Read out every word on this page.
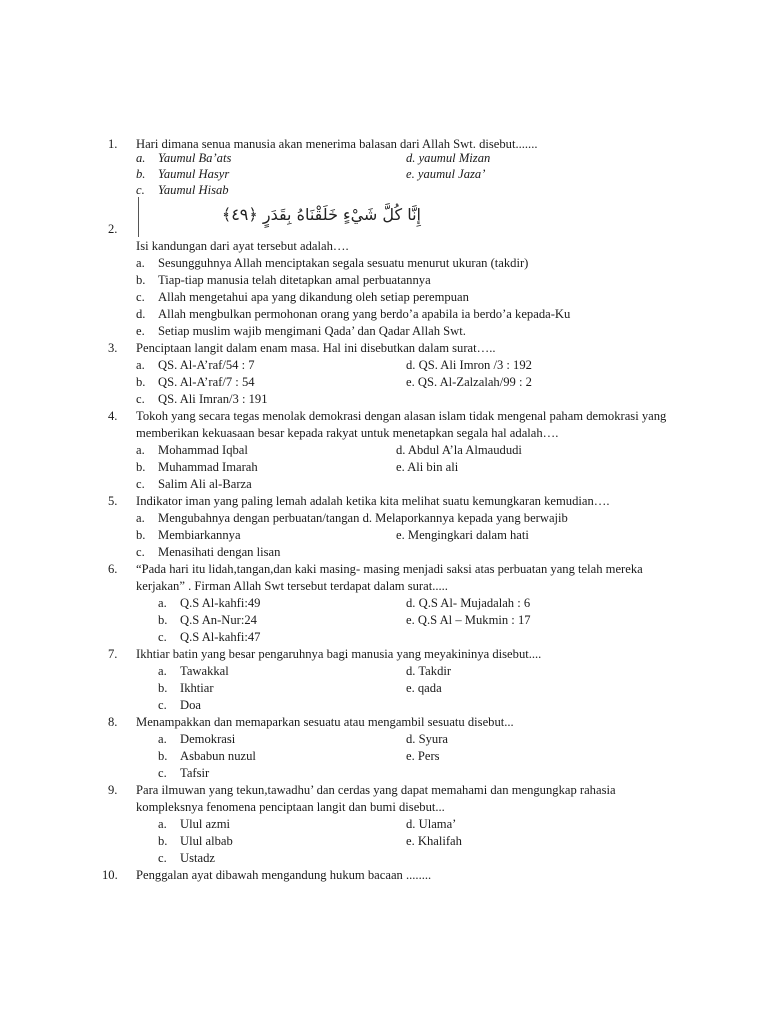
1.	Hari dimana senua manusia akan menerima balasan dari Allah Swt. disebut.......
a. Yaumul Ba’ats
b. Yaumul Hasyr
c. Yaumul Hisab
d. yaumul Mizan
e. yaumul Jaza’
إِنَّا كُلَّ شَيْءٍ خَلَقْنَاهُ بِقَدَرٍ ﴿٤٩﴾
2.
Isi kandungan dari ayat tersebut adalah….
a. Sesungguhnya Allah menciptakan segala sesuatu menurut ukuran (takdir)
b. Tiap-tiap manusia telah ditetapkan amal perbuatannya
c. Allah mengetahui apa yang dikandung oleh setiap perempuan
d. Allah mengbulkan permohonan orang yang berdo’a apabila ia berdo’a kepada-Ku
e. Setiap muslim wajib mengimani Qada’ dan Qadar Allah Swt.
3.	Penciptaan langit dalam enam masa. Hal ini disebutkan dalam surat…..
a. QS. Al-A’raf/54 : 7
b. QS. Al-A’raf/7 : 54
c. QS. Ali Imran/3 : 191
d. QS. Ali Imron /3 : 192
e. QS. Al-Zalzalah/99 : 2
4.	Tokoh yang secara tegas menolak demokrasi dengan alasan islam tidak mengenal paham demokrasi yang
memberikan kekuasaan besar kepada rakyat untuk menetapkan segala hal adalah….
a. Mohammad Iqbal
b. Muhammad Imarah
c. Salim Ali al-Barza
d. Abdul A’la Almaududi
e. Ali bin ali
5.	Indikator iman yang paling lemah adalah ketika kita melihat suatu kemungkaran kemudian….
a. Mengubahnya dengan perbuatan/tangan d. Melaporkannya kepada yang berwajib
b. Membiarkannya
c. Menasihati dengan lisan
e. Mengingkari dalam hati
6.	“Pada hari itu lidah,tangan,dan kaki masing- masing menjadi saksi atas perbuatan yang telah mereka
kerjakan” . Firman Allah Swt tersebut terdapat dalam surat.....
a. Q.S Al-kahfi:49
b. Q.S An-Nur:24
c. Q.S Al-kahfi:47
d. Q.S Al- Mujadalah : 6
e. Q.S Al – Mukmin : 17
7.	Ikhtiar batin yang besar pengaruhnya bagi manusia yang meyakininya disebut....
a. Tawakkal
b. Ikhtiar
c. Doa
d. Takdir
e. qada
8.	Menampakkan dan memaparkan sesuatu atau mengambil sesuatu disebut...
a. Demokrasi
b. Asbabun nuzul
c. Tafsir
d. Syura
e. Pers
9.	Para ilmuwan yang tekun,tawadhu’ dan cerdas yang dapat memahami dan mengungkap rahasia
kompleksnya fenomena penciptaan langit dan bumi disebut...
a. Ulul azmi
b. Ulul albab
c. Ustadz
d. Ulama’
e. Khalifah
10.	Penggalan ayat dibawah mengandung hukum bacaan ........
